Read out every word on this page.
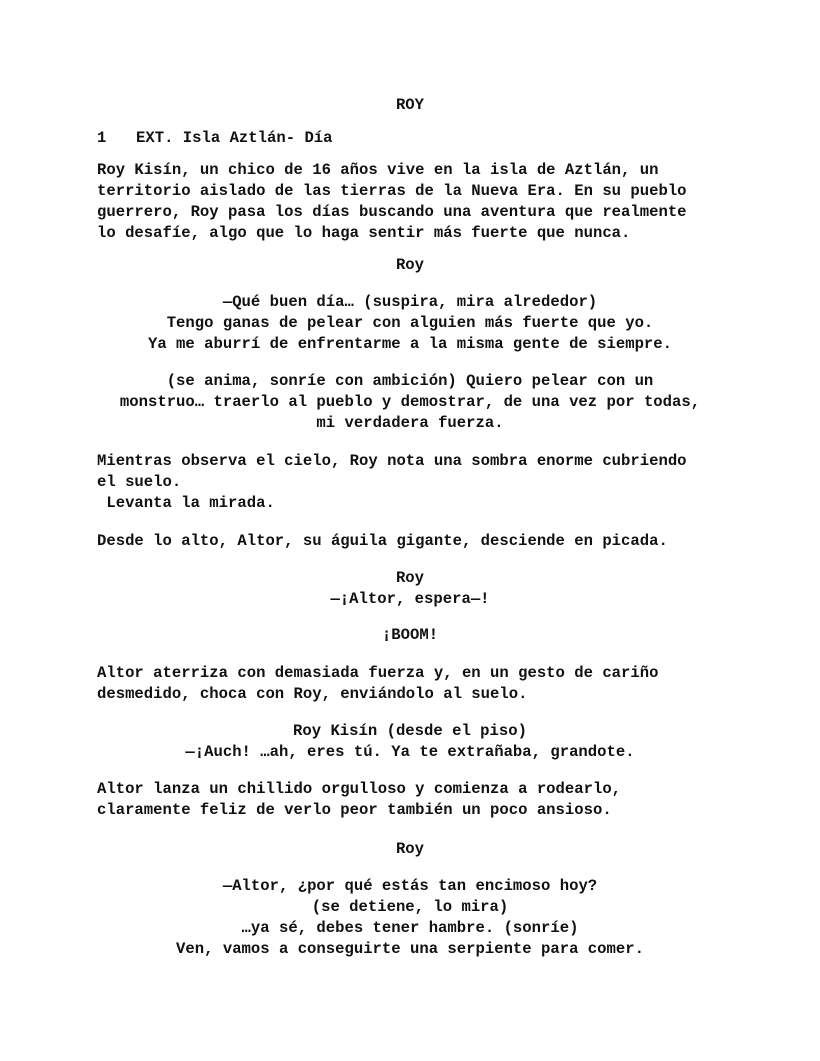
ROY
1 EXT. Isla Aztlán- Día
Roy Kisín, un chico de 16 años vive en la isla de Aztlán, un
territorio aislado de las tierras de la Nueva Era. En su pueblo
guerrero, Roy pasa los días buscando una aventura que realmente
lo desafíe, algo que lo haga sentir más fuerte que nunca.
Roy
—Qué buen día… (suspira, mira alrededor)
Tengo ganas de pelear con alguien más fuerte que yo.
Ya me aburrí de enfrentarme a la misma gente de siempre.
(se anima, sonríe con ambición) Quiero pelear con un
monstruo… traerlo al pueblo y demostrar, de una vez por todas,
mi verdadera fuerza.
Mientras observa el cielo, Roy nota una sombra enorme cubriendo
el suelo.
Levanta la mirada.
Desde lo alto, Altor, su águila gigante, desciende en picada.
Roy
—¡Altor, espera—!
¡BOOM!
Altor aterriza con demasiada fuerza y, en un gesto de cariño
desmedido, choca con Roy, enviándolo al suelo.
Roy Kisín (desde el piso)
—¡Auch! …ah, eres tú. Ya te extrañaba, grandote.
Altor lanza un chillido orgulloso y comienza a rodearlo,
claramente feliz de verlo peor también un poco ansioso.
Roy
—Altor, ¿por qué estás tan encimoso hoy?
(se detiene, lo mira)
…ya sé, debes tener hambre. (sonríe)
Ven, vamos a conseguirte una serpiente para comer.
